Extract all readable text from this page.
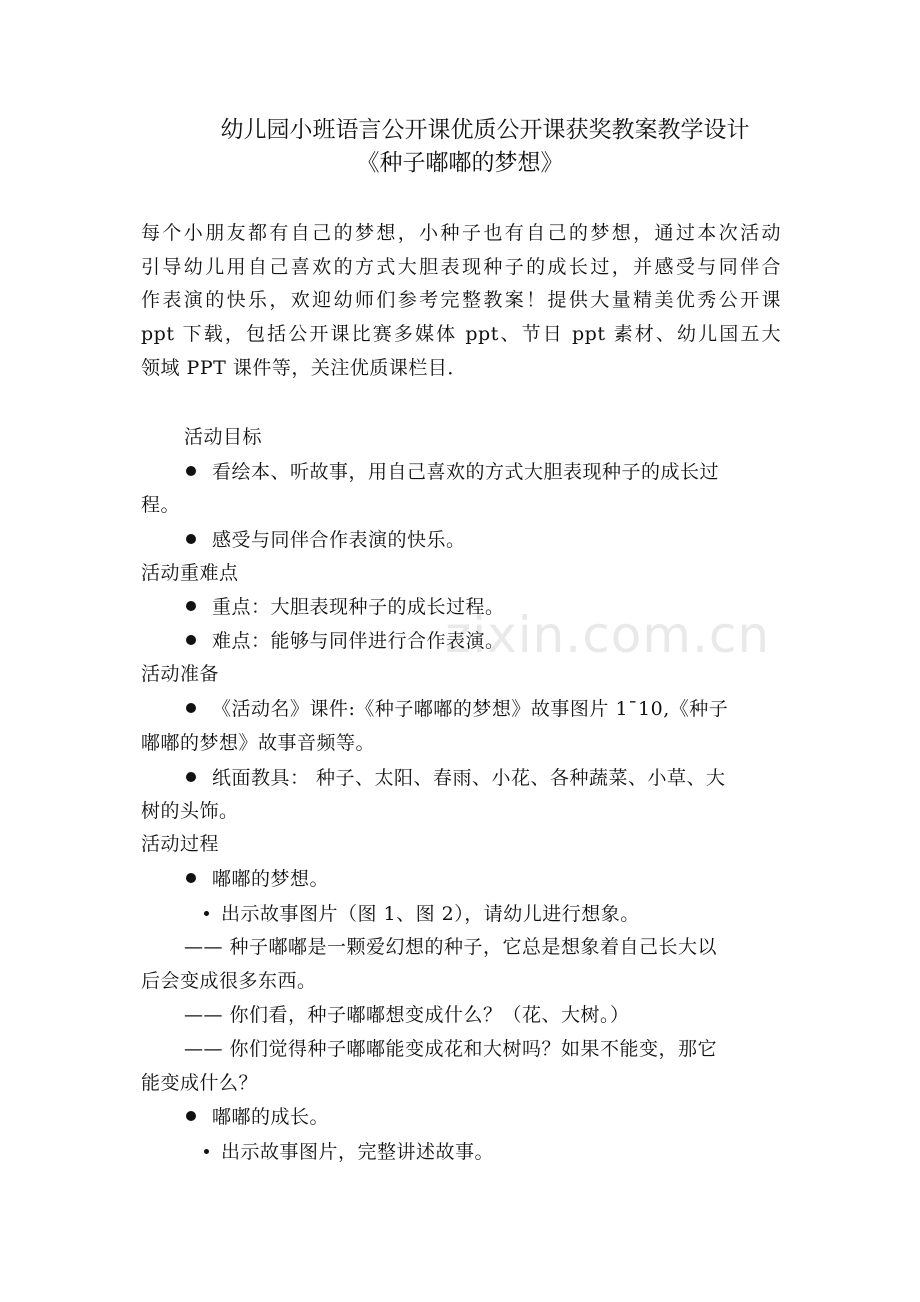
幼儿园小班语言公开课优质公开课获奖教案教学设计
《种子嘟嘟的梦想》
每个小朋友都有自己的梦想，小种子也有自己的梦想，通过本次活动
引导幼儿用自己喜欢的方式大胆表现种子的成长过，并感受与同伴合
作表演的快乐，欢迎幼师们参考完整教案！提供大量精美优秀公开课
ppt 下载，包括公开课比赛多媒体 ppt、节日 ppt 素材、幼儿国五大
领域 PPT 课件等，关注优质课栏目．
活动目标
看绘本、听故事，用自己喜欢的方式大胆表现种子的成长过
程。
感受与同伴合作表演的快乐。
活动重难点
重点：大胆表现种子的成长过程。
难点：能够与同伴进行合作表演。
活动准备
《活动名》课件:《种子嘟嘟的梦想》故事图片 1¯10,《种子
嘟嘟的梦想》故事音频等。
纸面教具： 种子、太阳、春雨、小花、各种蔬菜、小草、大
树的头饰。
活动过程
嘟嘟的梦想。
出示故事图片（图 1、图 2），请幼儿进行想象。
—— 种子嘟嘟是一颗爱幻想的种子，它总是想象着自己长大以
后会变成很多东西。
—— 你们看，种子嘟嘟想变成什么？（花、大树。）
—— 你们觉得种子嘟嘟能变成花和大树吗？如果不能变，那它
能变成什么？
嘟嘟的成长。
出示故事图片，完整讲述故事。
zixin.com.cn
